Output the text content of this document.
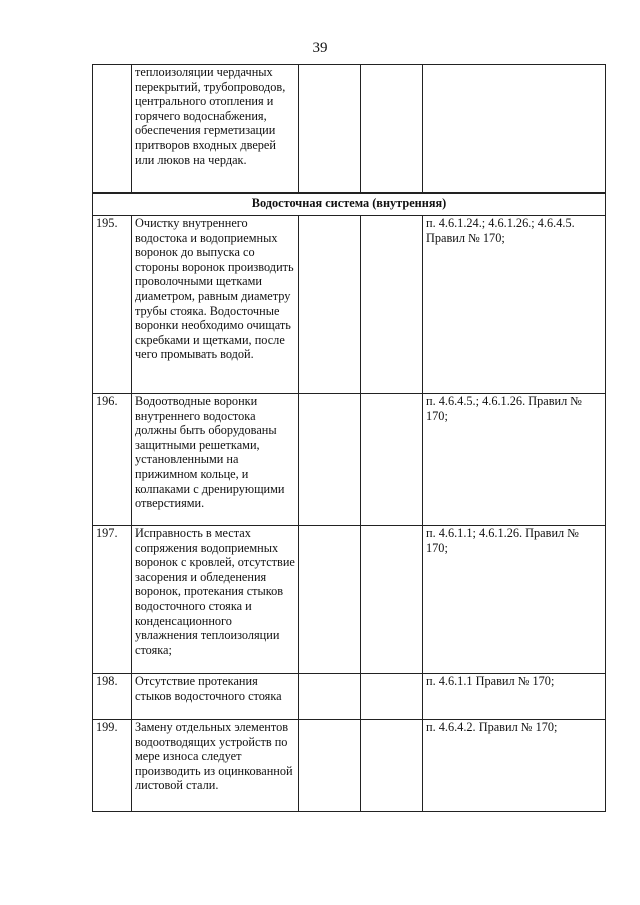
39

	теплоизоляции чердачных перекрытий, трубопроводов, центрального отопления и горячего водоснабжения, обеспечения герметизации притворов входных дверей или люков на чердак.			

Водосточная система (внутренняя)				
195.	Очистку внутреннего водостока и водоприемных воронок до выпуска со стороны воронок производить проволочными щетками диаметром, равным диаметру трубы стояка. Водосточные воронки необходимо очищать скребками и щетками, после чего промывать водой.			п. 4.6.1.24.; 4.6.1.26.; 4.6.4.5. Правил № 170;

196.	Водоотводные воронки внутреннего водостока должны быть оборудованы защитными решетками, установленными на прижимном кольце, и колпаками с дренирующими отверстиями.			п. 4.6.4.5.; 4.6.1.26. Правил № 170;

197.	Исправность в местах сопряжения водоприемных воронок с кровлей, отсутствие засорения и обледенения воронок, протекания стыков водосточного стояка и конденсационного увлажнения теплоизоляции стояка;			п. 4.6.1.1; 4.6.1.26. Правил № 170;

198.	Отсутствие протекания стыков водосточного стояка			п. 4.6.1.1 Правил № 170;

199.	Замену отдельных элементов водоотводящих устройств по мере износа следует производить из оцинкованной листовой стали.			п. 4.6.4.2. Правил № 170;
